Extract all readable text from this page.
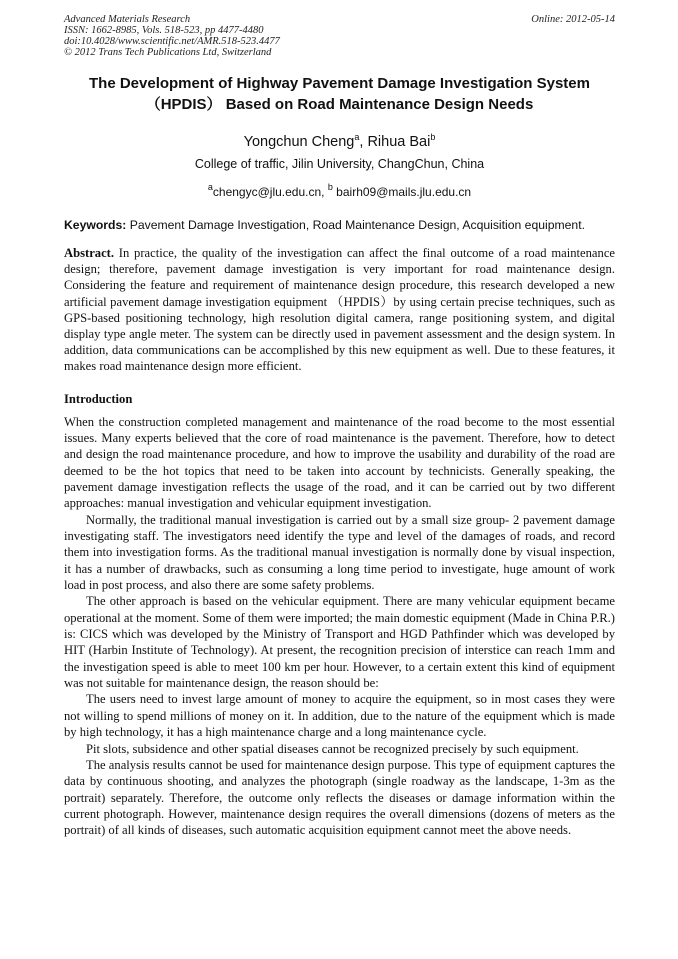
Advanced Materials Research
ISSN: 1662-8985, Vols. 518-523, pp 4477-4480
doi:10.4028/www.scientific.net/AMR.518-523.4477
© 2012 Trans Tech Publications Ltd, Switzerland
Online: 2012-05-14
The Development of Highway Pavement Damage Investigation System
（HPDIS） Based on Road Maintenance Design Needs
Yongchun Cheng$^a$, Rihua Bai$^b$
College of traffic, Jilin University, ChangChun, China
$^a$chengyc@jlu.edu.cn, $^b$ bairh09@mails.jlu.edu.cn
Keywords: Pavement Damage Investigation, Road Maintenance Design, Acquisition equipment.
Abstract. In practice, the quality of the investigation can affect the final outcome of a road maintenance design; therefore, pavement damage investigation is very important for road maintenance design. Considering the feature and requirement of maintenance design procedure, this research developed a new artificial pavement damage investigation equipment （HPDIS）by using certain precise techniques, such as GPS-based positioning technology, high resolution digital camera, range positioning system, and digital display type angle meter. The system can be directly used in pavement assessment and the design system. In addition, data communications can be accomplished by this new equipment as well. Due to these features, it makes road maintenance design more efficient.
Introduction

When the construction completed management and maintenance of the road become to the most essential issues. Many experts believed that the core of road maintenance is the pavement. Therefore, how to detect and design the road maintenance procedure, and how to improve the usability and durability of the road are deemed to be the hot topics that need to be taken into account by technicists. Generally speaking, the pavement damage investigation reflects the usage of the road, and it can be carried out by two different approaches: manual investigation and vehicular equipment investigation.

Normally, the traditional manual investigation is carried out by a small size group- 2 pavement damage investigating staff. The investigators need identify the type and level of the damages of roads, and record them into investigation forms. As the traditional manual investigation is normally done by visual inspection, it has a number of drawbacks, such as consuming a long time period to investigate, huge amount of work load in post process, and also there are some safety problems.

The other approach is based on the vehicular equipment. There are many vehicular equipment became operational at the moment. Some of them were imported; the main domestic equipment (Made in China P.R.) is: CICS which was developed by the Ministry of Transport and HGD Pathfinder which was developed by HIT (Harbin Institute of Technology). At present, the recognition precision of interstice can reach 1mm and the investigation speed is able to meet 100 km per hour. However, to a certain extent this kind of equipment was not suitable for maintenance design, the reason should be:

The users need to invest large amount of money to acquire the equipment, so in most cases they were not willing to spend millions of money on it. In addition, due to the nature of the equipment which is made by high technology, it has a high maintenance charge and a long maintenance cycle.

Pit slots, subsidence and other spatial diseases cannot be recognized precisely by such equipment.

The analysis results cannot be used for maintenance design purpose. This type of equipment captures the data by continuous shooting, and analyzes the photograph (single roadway as the landscape, 1-3m as the portrait) separately. Therefore, the outcome only reflects the diseases or damage information within the current photograph. However, maintenance design requires the overall dimensions (dozens of meters as the portrait) of all kinds of diseases, such automatic acquisition equipment cannot meet the above needs.
